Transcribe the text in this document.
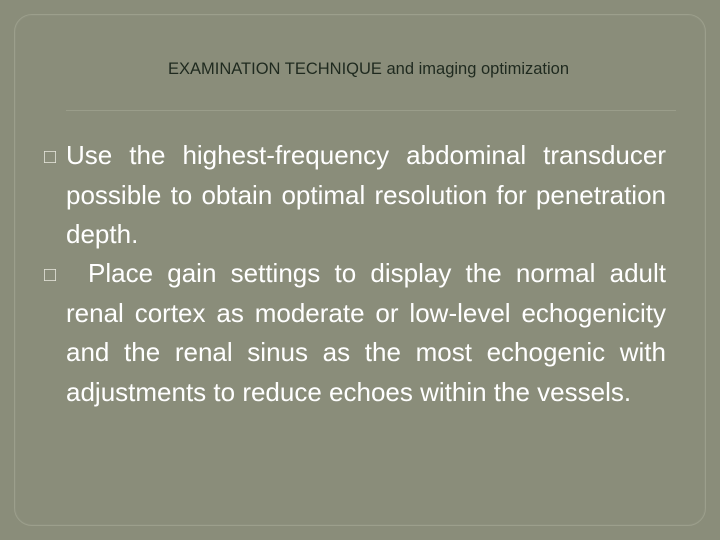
EXAMINATION TECHNIQUE and imaging optimization
□ Use the highest-frequency abdominal transducer possible to obtain optimal resolution for penetration depth.
□	Place gain settings to display the normal adult renal cortex as moderate or low-level echogenicity and the renal sinus as the most echogenic with adjustments to reduce echoes within the vessels.
